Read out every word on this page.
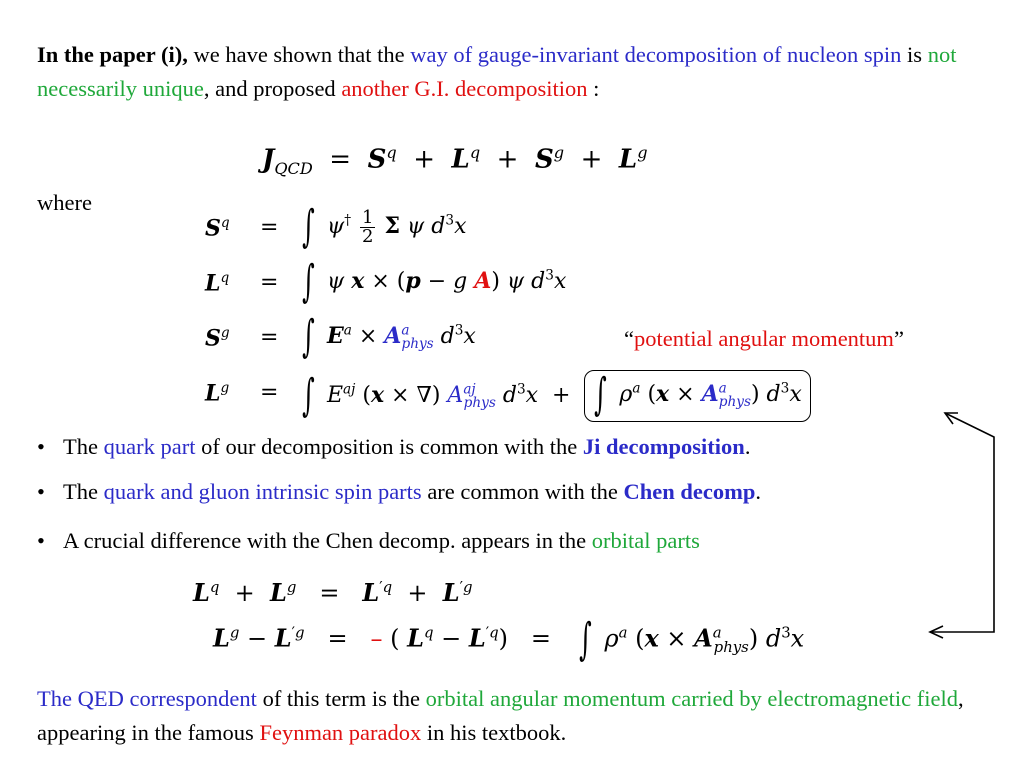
In the paper (i), we have shown that the way of gauge-invariant decomposition of nucleon spin is not necessarily unique, and proposed another G.I. decomposition :
$J_{QCD} = S^q + L^q + S^g + L^g$
where
$S^q$	= ∫ $\psi^\dagger \frac{1}{2}$ Σ ψ $d^3x$
$L^q$	= ∫ ψ x × (p − g A) ψ $d^3x$
$S^g$	= ∫ $E^a \times A^a_{phys}$ $d^3x$
$L^g$	= ∫ $E^{aj}$ (x × ∇) $A^{aj}_{phys}$ $d^3x$  +  ∫ $\rho^a$ $(x \times A^a_{phys})$ $d^3x$
“potential angular momentum”
• The quark part of our decomposition is common with the Ji decomposition.
• The quark and gluon intrinsic spin parts are common with the Chen decomp.
• A crucial difference with the Chen decomp. appears in the orbital parts
$L^q + L^g = L^{'q} + L^{'g}$
$L^g - L^{'g}$   =   – ( $L^q - L^{'q}$)   =   ∫ $\rho^a$ $(x \times A^a_{phys})$ $d^3x$
The QED correspondent of this term is the orbital angular momentum carried by electromagnetic field, appearing in the famous Feynman paradox in his textbook.
